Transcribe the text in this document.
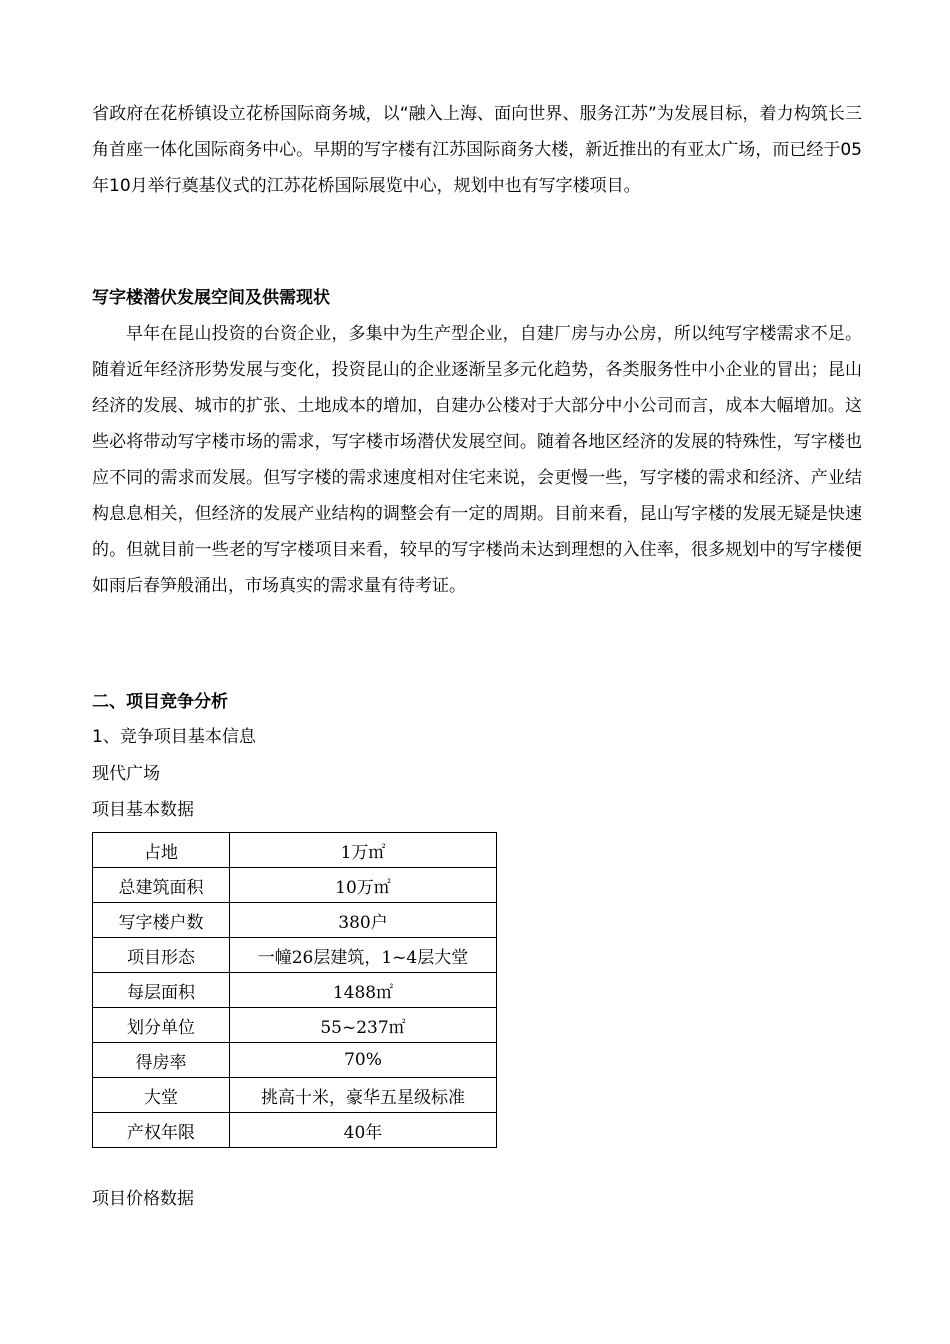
省政府在花桥镇设立花桥国际商务城，以“融入上海、面向世界、服务江苏”为发展目标，着力构筑长三角首座一体化国际商务中心。早期的写字楼有江苏国际商务大楼，新近推出的有亚太广场，而已经于05年10月举行奠基仪式的江苏花桥国际展览中心，规划中也有写字楼项目。

写字楼潜伏发展空间及供需现状

早年在昆山投资的台资企业，多集中为生产型企业，自建厂房与办公房，所以纯写字楼需求不足。随着近年经济形势发展与变化，投资昆山的企业逐渐呈多元化趋势，各类服务性中小企业的冒出；昆山经济的发展、城市的扩张、土地成本的增加，自建办公楼对于大部分中小公司而言，成本大幅增加。这些必将带动写字楼市场的需求，写字楼市场潜伏发展空间。随着各地区经济的发展的特殊性，写字楼也应不同的需求而发展。但写字楼的需求速度相对住宅来说，会更慢一些，写字楼的需求和经济、产业结构息息相关，但经济的发展产业结构的调整会有一定的周期。目前来看，昆山写字楼的发展无疑是快速的。但就目前一些老的写字楼项目来看，较早的写字楼尚未达到理想的入住率，很多规划中的写字楼便如雨后春笋般涌出，市场真实的需求量有待考证。

二、项目竞争分析

1、竞争项目基本信息

现代广场

项目基本数据

占地	1万㎡
总建筑面积	10万㎡
写字楼户数	380户
项目形态	一幢26层建筑，1~4层大堂
每层面积	1488㎡
划分单位	55~237㎡
得房率	70%
大堂	挑高十米，豪华五星级标准
产权年限	40年

项目价格数据
